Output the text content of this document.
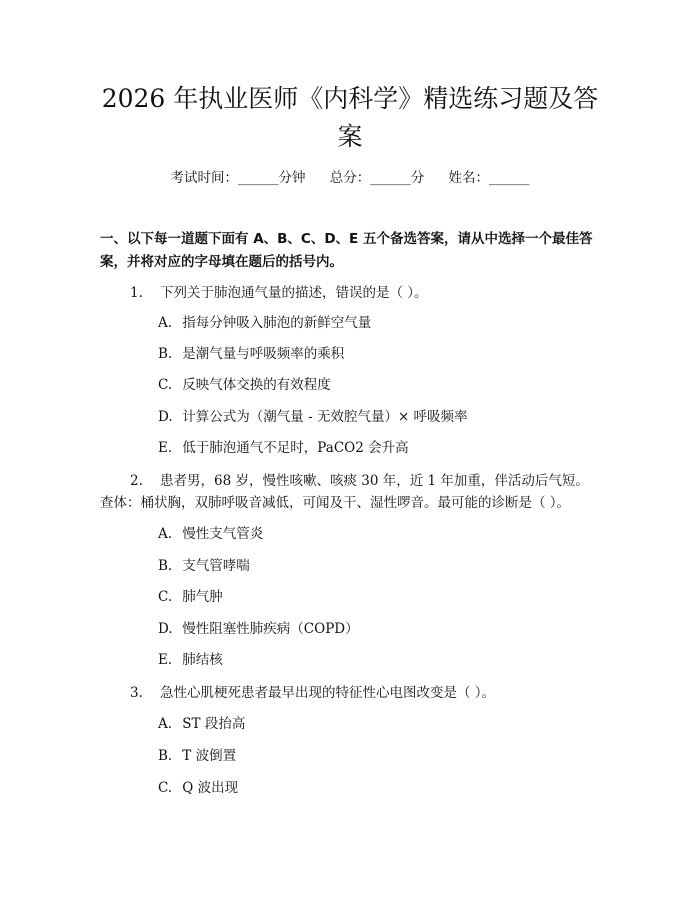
2026 年执业医师《内科学》精选练习题及答案
考试时间：______分钟 总分：______分 姓名：______

一、以下每一道题下面有 A、B、C、D、E 五个备选答案，请从中选择一个最佳答案，并将对应的字母填在题后的括号内。

1. 下列关于肺泡通气量的描述，错误的是（ ）。
A. 指每分钟吸入肺泡的新鲜空气量
B. 是潮气量与呼吸频率的乘积
C. 反映气体交换的有效程度
D. 计算公式为（潮气量 - 无效腔气量）× 呼吸频率
E. 低于肺泡通气不足时，PaCO2 会升高
2. 患者男，68 岁，慢性咳嗽、咳痰 30 年，近 1 年加重，伴活动后气短。查体：桶状胸，双肺呼吸音减低，可闻及干、湿性啰音。最可能的诊断是（ ）。
A. 慢性支气管炎
B. 支气管哮喘
C. 肺气肿
D. 慢性阻塞性肺疾病（COPD）
E. 肺结核
3. 急性心肌梗死患者最早出现的特征性心电图改变是（ ）。
A. ST 段抬高
B. T 波倒置
C. Q 波出现
